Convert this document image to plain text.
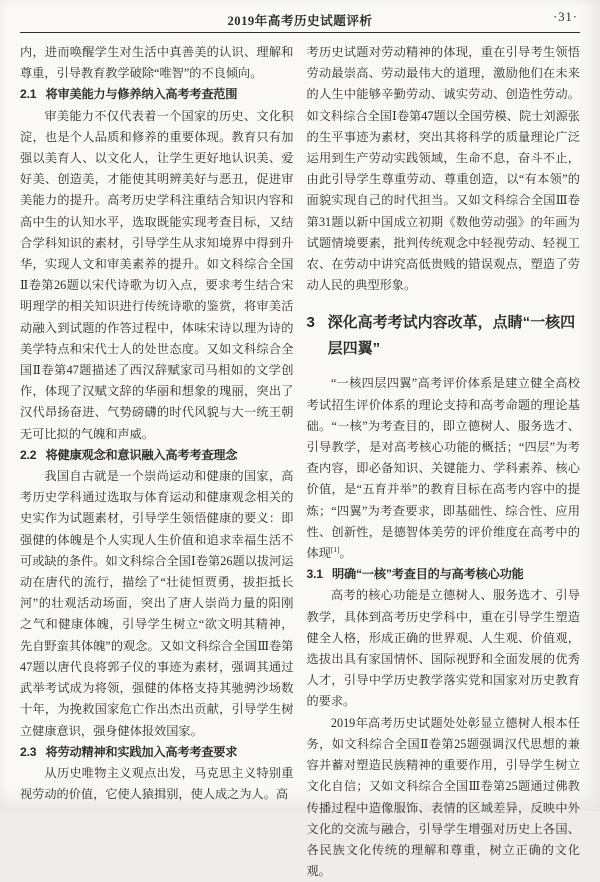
2019年高考历史试题评析	·31·

内，进而唤醒学生对生活中真善美的认识、理解和尊重，引导教育教学破除“唯智”的不良倾向。

2.1 将审美能力与修养纳入高考考查范围

审美能力不仅代表着一个国家的历史、文化积淀，也是个人品质和修养的重要体现。教育只有加强以美育人、以文化人，让学生更好地认识美、爱好美、创造美，才能使其明辨美好与恶丑，促进审美能力的提升。高考历史学科注重结合知识内容和高中生的认知水平，选取既能实现考查目标，又结合学科知识的素材，引导学生从求知境界中得到升华，实现人文和审美素养的提升。如文科综合全国Ⅱ卷第26题以宋代诗歌为切入点，要求考生结合宋明理学的相关知识进行传统诗歌的鉴赏，将审美活动融入到试题的作答过程中，体味宋诗以理为诗的美学特点和宋代士人的处世态度。又如文科综合全国Ⅱ卷第47题描述了西汉辞赋家司马相如的文学创作，体现了汉赋文辞的华丽和想象的瑰丽，突出了汉代昂扬奋进、气势磅礴的时代风貌与大一统王朝无可比拟的气魄和声威。

2.2 将健康观念和意识融入高考考查理念

我国自古就是一个崇尚运动和健康的国家，高考历史学科通过选取与体育运动和健康观念相关的史实作为试题素材，引导学生领悟健康的要义：即强健的体魄是个人实现人生价值和追求幸福生活不可或缺的条件。如文科综合全国Ⅰ卷第26题以拔河运动在唐代的流行，描绘了“壮徒恒贾勇，拔拒抵长河”的壮观活动场面，突出了唐人崇尚力量的阳刚之气和健康体魄，引导学生树立“欲文明其精神，先自野蛮其体魄”的观念。又如文科综合全国Ⅲ卷第47题以唐代良将郭子仪的事迹为素材，强调其通过武举考试成为将领，强健的体格支持其驰骋沙场数十年，为挽救国家危亡作出杰出贡献，引导学生树立健康意识，强身健体报效国家。

2.3 将劳动精神和实践加入高考考查要求

从历史唯物主义观点出发，马克思主义特别重视劳动的价值，它使人猿揖别，使人成之为人。高

考历史试题对劳动精神的体现，重在引导考生领悟劳动最崇高、劳动最伟大的道理，激励他们在未来的人生中能够辛勤劳动、诚实劳动、创造性劳动。如文科综合全国Ⅰ卷第47题以全国劳模、院士刘源张的生平事迹为素材，突出其将科学的质量理论广泛运用到生产劳动实践领域，生命不息，奋斗不止，由此引导学生尊重劳动、尊重创造，以“有本领”的面貌实现自己的时代担当。又如文科综合全国Ⅲ卷第31题以新中国成立初期《数他劳动强》的年画为试题情境要素，批判传统观念中轻视劳动、轻视工农、在劳动中讲究高低贵贱的错误观点，塑造了劳动人民的典型形象。

3 深化高考考试内容改革，点睛“一核四层四翼”

“一核四层四翼”高考评价体系是建立健全高校考试招生评价体系的理论支持和高考命题的理论基础。“一核”为考查目的，即立德树人、服务选才、引导教学，是对高考核心功能的概括；“四层”为考查内容，即必备知识、关键能力、学科素养、核心价值，是“五育并举”的教育目标在高考内容中的提炼；“四翼”为考查要求，即基础性、综合性、应用性、创新性，是德智体美劳的评价维度在高考中的体现[1]。

3.1 明确“一核”考查目的与高考核心功能

高考的核心功能是立德树人、服务选才、引导教学，具体到高考历史学科中，重在引导学生塑造健全人格，形成正确的世界观、人生观、价值观，选拔出具有家国情怀、国际视野和全面发展的优秀人才，引导中学历史教学落实党和国家对历史教育的要求。

2019年高考历史试题处处彰显立德树人根本任务，如文科综合全国Ⅱ卷第25题强调汉代思想的兼容并蓄对塑造民族精神的重要作用，引导学生树立文化自信；又如文科综合全国Ⅲ卷第25题通过佛教传播过程中造像服饰、表情的区域差异，反映中外文化的交流与融合，引导学生增强对历史上各国、各民族文化传统的理解和尊重，树立正确的文化观。
